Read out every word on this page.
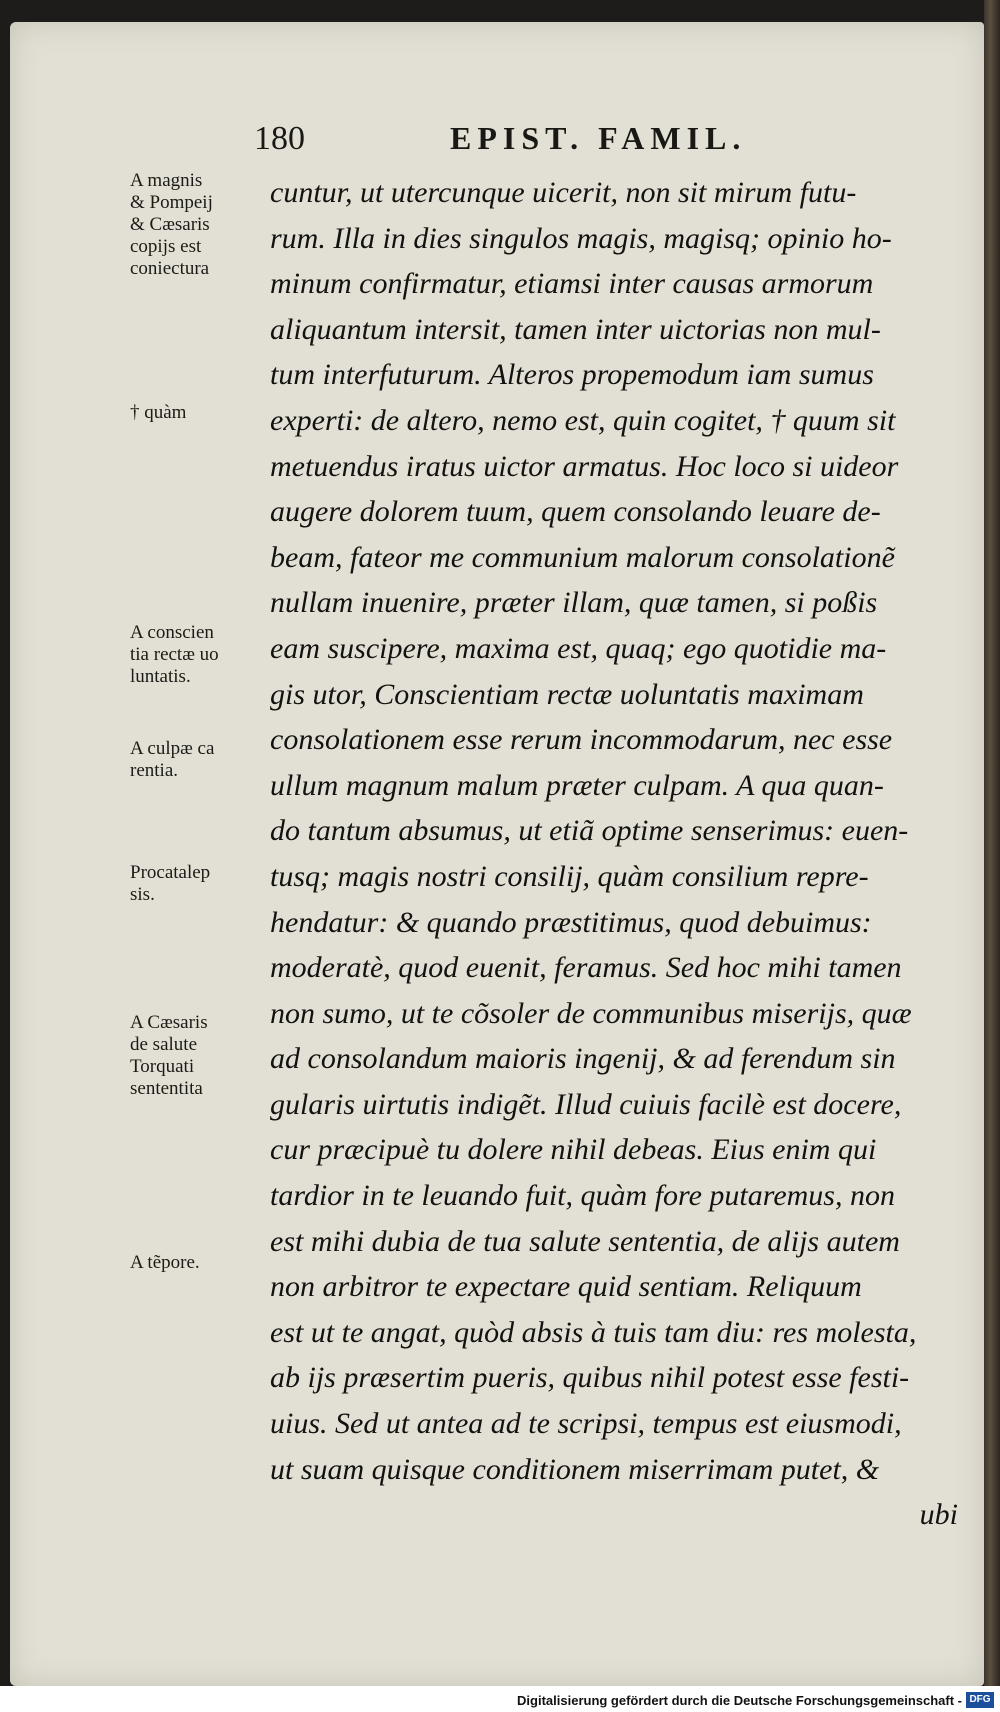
180	EPIST. FAMIL.
A magnis
& Pompeij
& Cæsaris
copijs est
coniectura
† quàm
A conscien
tia rectæ uo
luntatis.
A culpæ ca
rentia.
Procatalep
sis.
A Cæsaris
de salute
Torquati
sententita
A tẽpore.
cuntur, ut utercunque uicerit, non sit mirum futu-
rum. Illa in dies singulos magis, magisq; opinio ho-
minum confirmatur, etiamsi inter causas armorum
aliquantum intersit, tamen inter uictorias non mul-
tum interfuturum. Alteros propemodum iam sumus
experti: de altero, nemo est, quin cogitet, † quum sit
metuendus iratus uictor armatus. Hoc loco si uideor
augere dolorem tuum, quem consolando leuare de-
beam, fateor me communium malorum consolationẽ
nullam inuenire, præter illam, quæ tamen, si poßis
eam suscipere, maxima est, quaq; ego quotidie ma-
gis utor, Conscientiam rectæ uoluntatis maximam
consolationem esse rerum incommodarum, nec esse
ullum magnum malum præter culpam. A qua quan-
do tantum absumus, ut etiã optime senserimus: euen-
tusq; magis nostri consilij, quàm consilium repre-
hendatur: & quando præstitimus, quod debuimus:
moderatè, quod euenit, feramus. Sed hoc mihi tamen
non sumo, ut te cõsoler de communibus miserijs, quæ
ad consolandum maioris ingenij, & ad ferendum sin
gularis uirtutis indigẽt. Illud cuiuis facilè est docere,
cur præcipuè tu dolere nihil debeas. Eius enim qui
tardior in te leuando fuit, quàm fore putaremus, non
est mihi dubia de tua salute sententia, de alijs autem
non arbitror te expectare quid sentiam. Reliquum
est ut te angat, quòd absis à tuis tam diu: res molesta,
ab ijs præsertim pueris, quibus nihil potest esse festi-
uius. Sed ut antea ad te scripsi, tempus est eiusmodi,
ut suam quisque conditionem miserrimam putet, &
ubi
Digitalisierung gefördert durch die Deutsche Forschungsgemeinschaft - DFG
